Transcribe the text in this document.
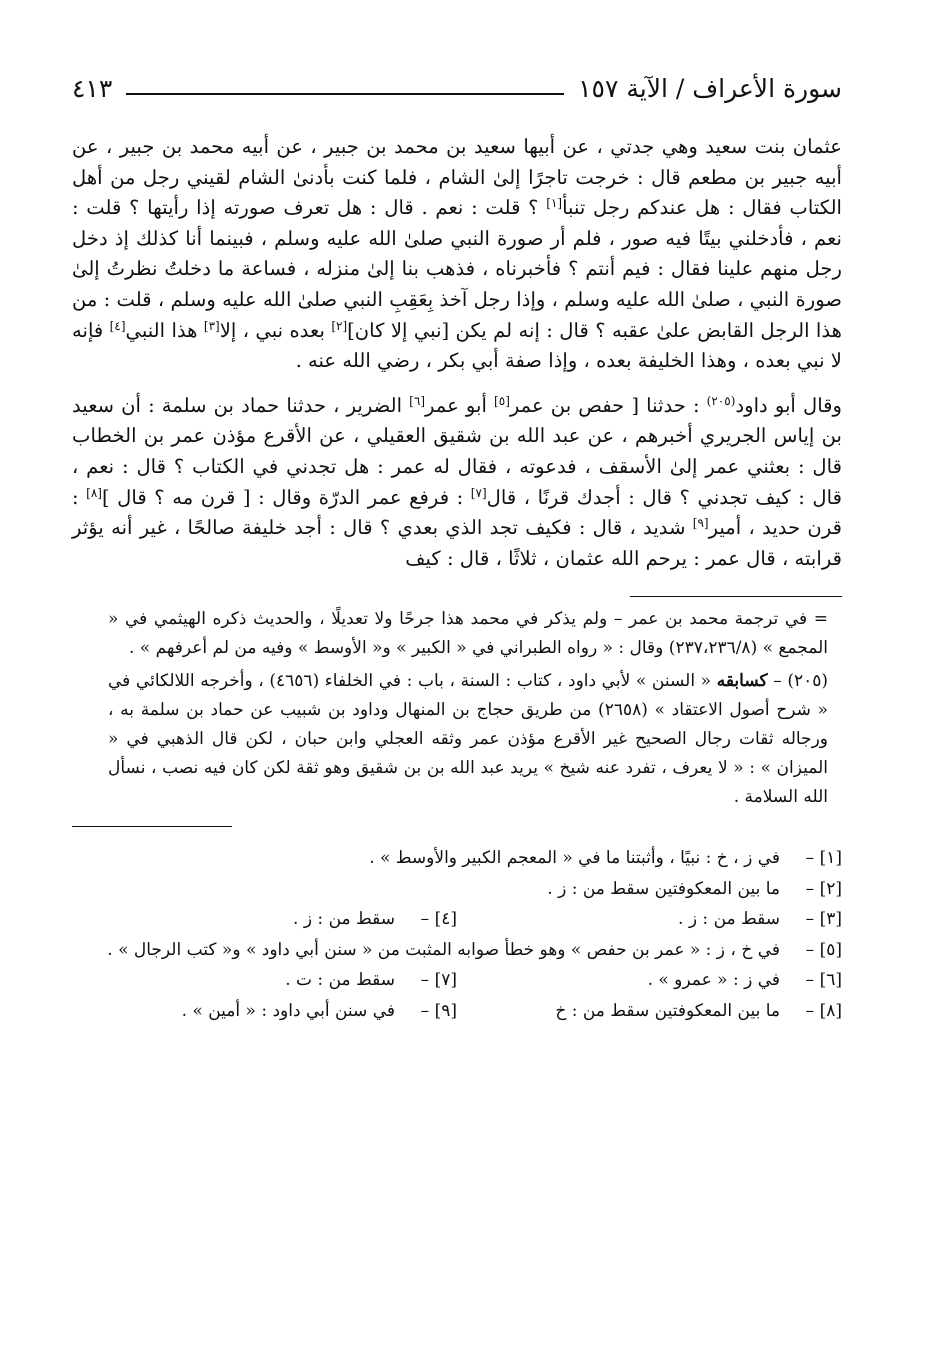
سورة الأعراف / الآية ١٥٧
٤١٣

عثمان بنت سعيد وهي جدتي ، عن أبيها سعيد بن محمد بن جبير ، عن أبيه محمد بن جبير ، عن أبيه جبير بن مطعم قال : خرجت تاجرًا إلىٰ الشام ، فلما كنت بأدنىٰ الشام لقيني رجل من أهل الكتاب فقال : هل عندكم رجل تنبأ[١] ؟ قلت : نعم . قال : هل تعرف صورته إذا رأيتها ؟ قلت : نعم ، فأدخلني بيتًا فيه صور ، فلم أر صورة النبي صلىٰ الله عليه وسلم ، فبينما أنا كذلك إذ دخل رجل منهم علينا فقال : فيم أنتم ؟ فأخبرناه ، فذهب بنا إلىٰ منزله ، فساعة ما دخلتُ نظرتُ إلىٰ صورة النبي ، صلىٰ الله عليه وسلم ، وإذا رجل آخذ بِعَقِبِ النبي صلىٰ الله عليه وسلم ، قلت : من هذا الرجل القابض علىٰ عقبه ؟ قال : إنه لم يكن [نبي إلا كان][٢] بعده نبي ، إلا[٣] هذا النبي[٤] فإنه لا نبي بعده ، وهذا الخليفة بعده ، وإذا صفة أبي بكر ، رضي الله عنه .

وقال أبو داود$^{(٢٠٥)}$ : حدثنا [ حفص بن عمر[٥] أبو عمر[٦] الضرير ، حدثنا حماد بن سلمة : أن سعيد بن إياس الجريري أخبرهم ، عن عبد الله بن شقيق العقيلي ، عن الأقرع مؤذن عمر بن الخطاب قال : بعثني عمر إلىٰ الأسقف ، فدعوته ، فقال له عمر : هل تجدني في الكتاب ؟ قال : نعم ، قال : كيف تجدني ؟ قال : أجدك قرنًا ، قال[٧] : فرفع عمر الدرّة وقال : [ قرن مه ؟ قال ][٨] : قرن حديد ، أمير[٩] شديد ، قال : فكيف تجد الذي بعدي ؟ قال : أجد خليفة صالحًا ، غير أنه يؤثر قرابته ، قال عمر : يرحم الله عثمان ، ثلاثًا ، قال : كيف

= في ترجمة محمد بن عمر – ولم يذكر في محمد هذا جرحًا ولا تعديلًا ، والحديث ذكره الهيثمي في « المجمع » (٢٣٧،٢٣٦/٨) وقال : « رواه الطبراني في « الكبير » و« الأوسط » وفيه من لم أعرفهم » .

(٢٠٥) – كسابقه « السنن » لأبي داود ، كتاب : السنة ، باب : في الخلفاء (٤٦٥٦) ، وأخرجه اللالكائي في « شرح أصول الاعتقاد » (٢٦٥٨) من طريق حجاج بن المنهال وداود بن شبيب عن حماد بن سلمة به ، ورجاله ثقات رجال الصحيح غير الأقرع مؤذن عمر وثقه العجلي وابن حبان ، لكن قال الذهبي في « الميزان » : « لا يعرف ، تفرد عنه شيخ » يريد عبد الله بن بن شقيق وهو ثقة لكن كان فيه نصب ، نسأل الله السلامة .

[١] –في ز ، خ : نبيًا ، وأثبتنا ما في « المعجم الكبير والأوسط » .
[٢] –ما بين المعكوفتين سقط من : ز .
[٣] –سقط من : ز .
[٤] –سقط من : ز .
[٥] –في خ ، ز : « عمر بن حفص » وهو خطأ صوابه المثبت من « سنن أبي داود » و« كتب الرجال » .
[٦] –في ز : « عمرو » .
[٧] –سقط من : ت .
[٨] –ما بين المعكوفتين سقط من : خ
[٩] –في سنن أبي داود : « أمين » .
